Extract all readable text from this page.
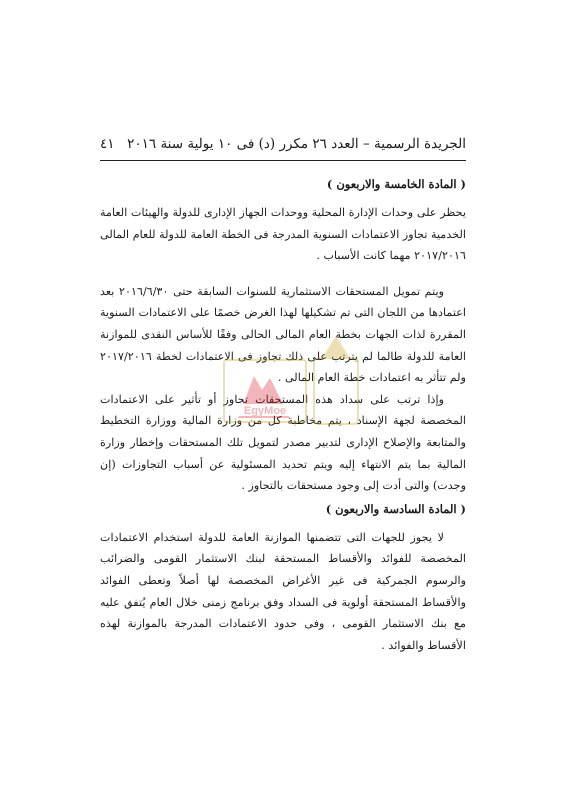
الجريدة الرسمية – العدد ٢٦ مكرر (د) فى ١٠ يولية سنة ٢٠١٦
٤١

( المادة الخامسة والاربعون )

يحظر على وحدات الإدارة المحلية ووحدات الجهاز الإدارى للدولة والهيئات العامة الخدمية تجاوز الاعتمادات السنوية المدرجة فى الخطة العامة للدولة للعام المالى ٢٠١٧/٢٠١٦ مهما كانت الأسباب .

ويتم تمويل المستحقات الاستثمارية للسنوات السابقة حتى ٢٠١٦/٦/٣٠ بعد اعتمادها من اللجان التى تم تشكيلها لهذا الغرض خصمًا على الاعتمادات السنوية المقررة لذات الجهات بخطة العام المالى الحالى وفقًا للأساس النقدى للموازنة العامة للدولة طالما لم يترتب على ذلك تجاوز فى الاعتمادات لخطة ٢٠١٧/٢٠١٦ ولم تتأثر به اعتمادات خطة العام المالى .

وإذا ترتب على سداد هذه المستحقات تجاوز أو تأثير على الاعتمادات المخصصة لجهة الإسناد ، يتم مخاطبة كل من وزارة المالية ووزارة التخطيط والمتابعة والإصلاح الإدارى لتدبير مصدر لتمويل تلك المستحقات وإخطار وزارة المالية بما يتم الانتهاء إليه ويتم تحديد المسئولية عن أسباب التجاوزات (إن وجدت) والتى أدت إلى وجود مستحقات بالتجاوز .

( المادة السادسة والاربعون )

لا يجوز للجهات التى تتضمنها الموازنة العامة للدولة استخدام الاعتمادات المخصصة للفوائد والأقساط المستحقة لبنك الاستثمار القومى والضرائب والرسوم الجمركية فى غير الأغراض المخصصة لها أصلاً وتعطى الفوائد والأقساط المستحقة أولوية فى السداد وفق برنامج زمنى خلال العام يُتفق عليه مع بنك الاستثمار القومى ، وفى حدود الاعتمادات المدرجة بالموازنة لهذه الأقساط والفوائد .

EgyMoe
